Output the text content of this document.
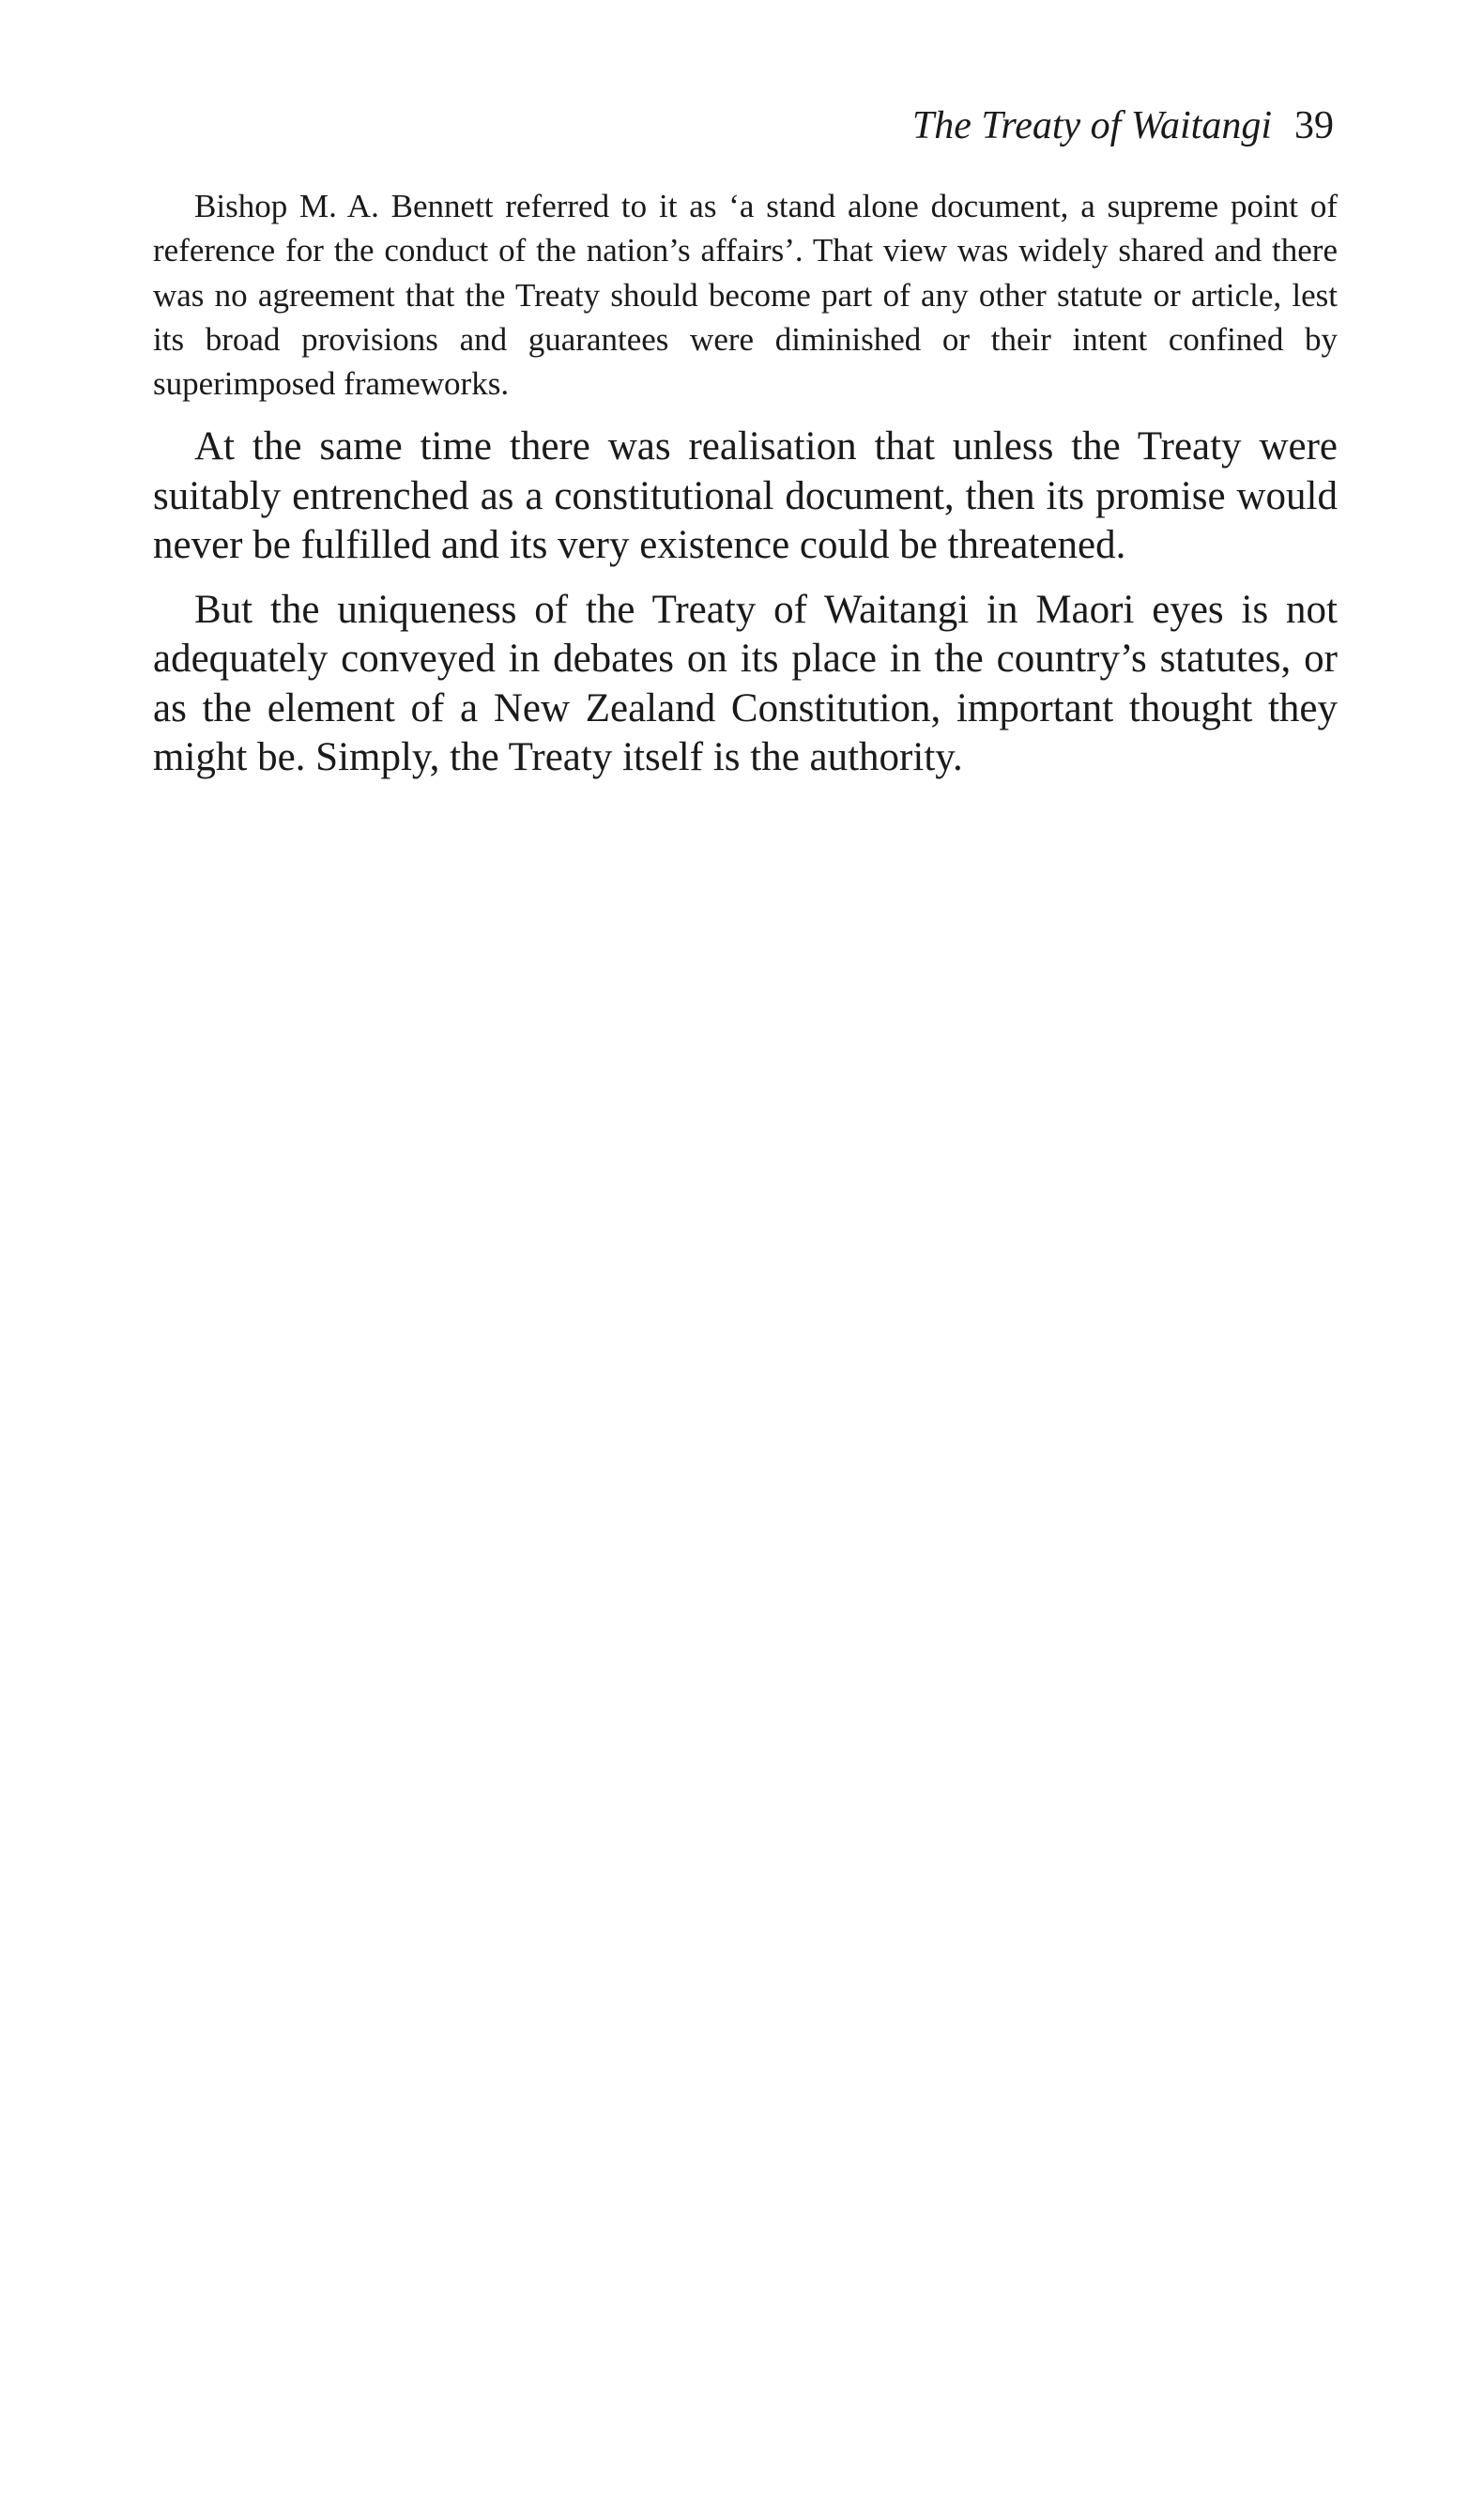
The Treaty of Waitangi 39

Bishop M. A. Bennett referred to it as ‘a stand alone document, a supreme point of reference for the conduct of the nation’s affairs’. That view was widely shared and there was no agreement that the Treaty should become part of any other statute or article, lest its broad provisions and guarantees were diminished or their intent confined by superimposed frameworks.

At the same time there was realisation that unless the Treaty were suitably entrenched as a constitutional document, then its promise would never be fulfilled and its very existence could be threatened.

But the uniqueness of the Treaty of Waitangi in Maori eyes is not adequately conveyed in debates on its place in the country’s statutes, or as the element of a New Zealand Constitution, important thought they might be. Simply, the Treaty itself is the authority.
